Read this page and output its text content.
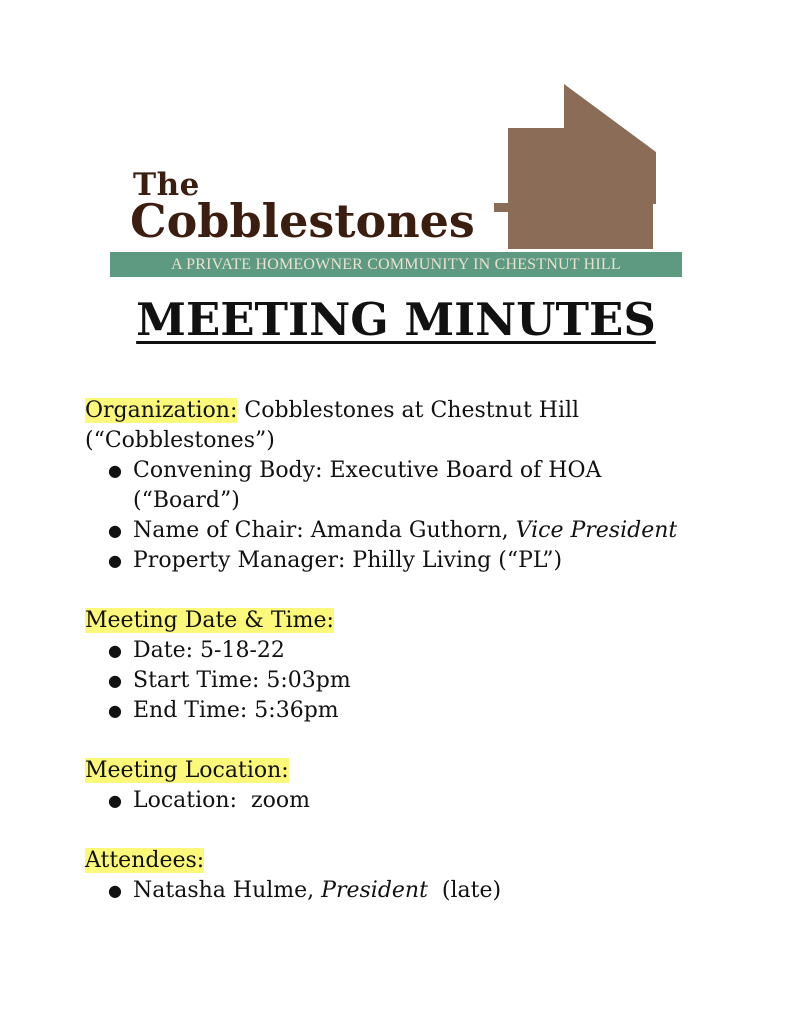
The
Cobblestones
A PRIVATE HOMEOWNER COMMUNITY IN CHESTNUT HILL
MEETING MINUTES

Organization: Cobblestones at Chestnut Hill

(“Cobblestones”)

● Convening Body: Executive Board of HOA (“Board”)
● Name of Chair: Amanda Guthorn, Vice President
● Property Manager: Philly Living (“PL”)

Meeting Date & Time:

● Date: 5-18-22
● Start Time: 5:03pm
● End Time: 5:36pm

Meeting Location:

● Location:  zoom

Attendees:

● Natasha Hulme, President  (late)
